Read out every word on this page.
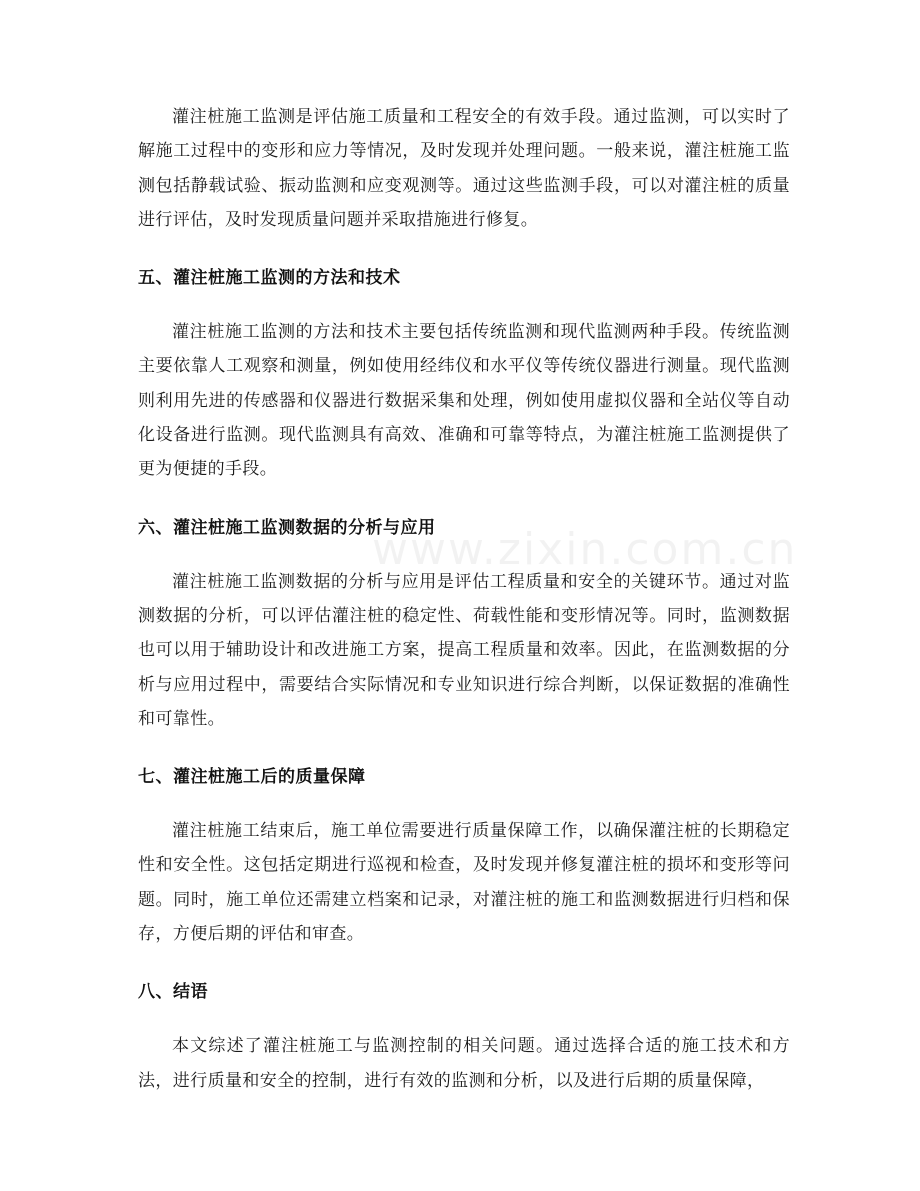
灌注桩施工监测是评估施工质量和工程安全的有效手段。通过监测，可以实时了解施工过程中的变形和应力等情况，及时发现并处理问题。一般来说，灌注桩施工监测包括静载试验、振动监测和应变观测等。通过这些监测手段，可以对灌注桩的质量进行评估，及时发现质量问题并采取措施进行修复。

五、灌注桩施工监测的方法和技术

灌注桩施工监测的方法和技术主要包括传统监测和现代监测两种手段。传统监测主要依靠人工观察和测量，例如使用经纬仪和水平仪等传统仪器进行测量。现代监测则利用先进的传感器和仪器进行数据采集和处理，例如使用虚拟仪器和全站仪等自动化设备进行监测。现代监测具有高效、准确和可靠等特点，为灌注桩施工监测提供了更为便捷的手段。

六、灌注桩施工监测数据的分析与应用

灌注桩施工监测数据的分析与应用是评估工程质量和安全的关键环节。通过对监测数据的分析，可以评估灌注桩的稳定性、荷载性能和变形情况等。同时，监测数据也可以用于辅助设计和改进施工方案，提高工程质量和效率。因此，在监测数据的分析与应用过程中，需要结合实际情况和专业知识进行综合判断，以保证数据的准确性和可靠性。

七、灌注桩施工后的质量保障

灌注桩施工结束后，施工单位需要进行质量保障工作，以确保灌注桩的长期稳定性和安全性。这包括定期进行巡视和检查，及时发现并修复灌注桩的损坏和变形等问题。同时，施工单位还需建立档案和记录，对灌注桩的施工和监测数据进行归档和保存，方便后期的评估和审查。

八、结语

本文综述了灌注桩施工与监测控制的相关问题。通过选择合适的施工技术和方法，进行质量和安全的控制，进行有效的监测和分析，以及进行后期的质量保障，

www.zixin.com.cn
